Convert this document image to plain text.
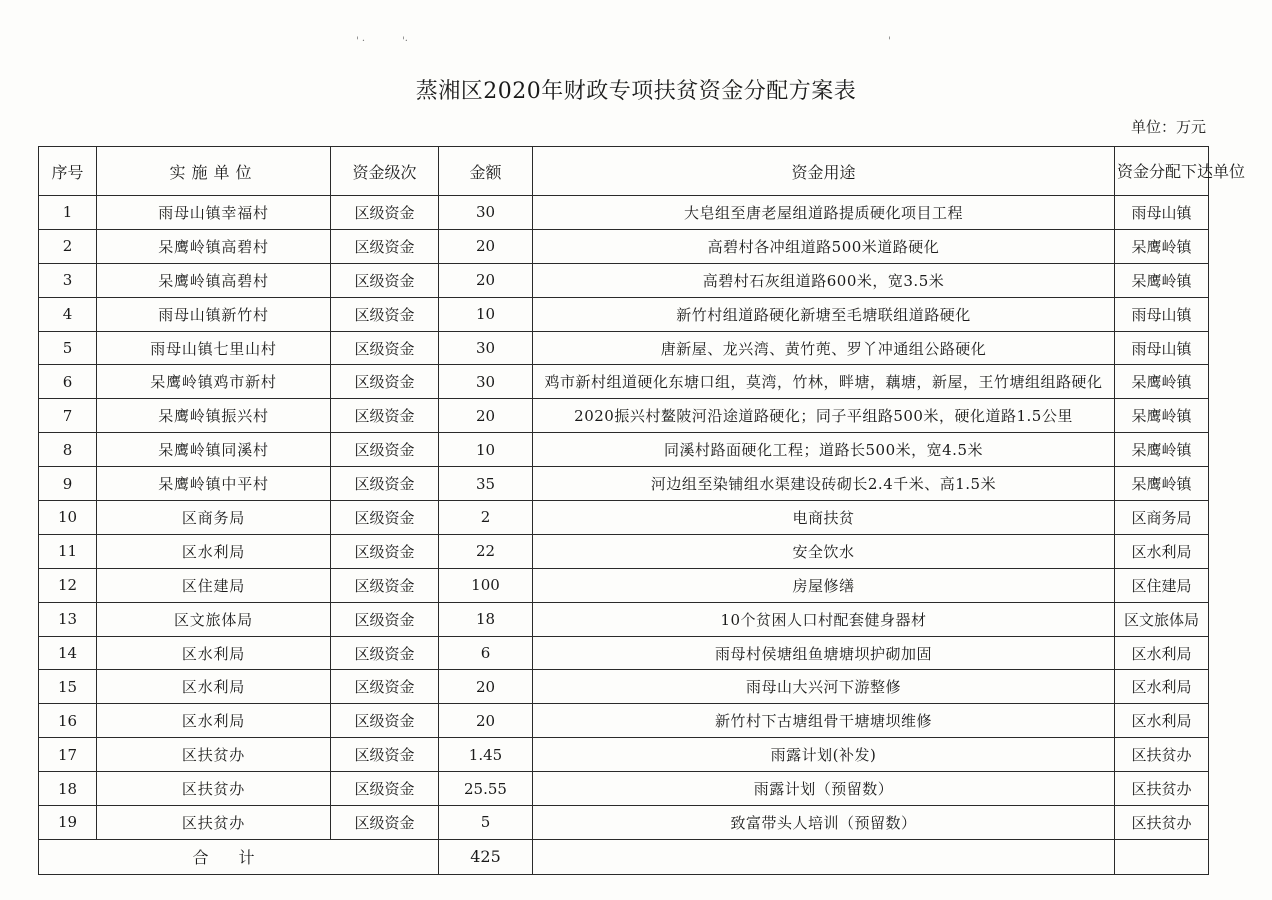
' ·	'·	'
蒸湘区2020年财政专项扶贫资金分配方案表
单位：万元
序号	实施单位	资金级次	金额	资金用途	资金分配下达单位
1	雨母山镇幸福村	区级资金	30	大皂组至唐老屋组道路提质硬化项目工程	雨母山镇
2	呆鹰岭镇高碧村	区级资金	20	高碧村各冲组道路500米道路硬化	呆鹰岭镇
3	呆鹰岭镇高碧村	区级资金	20	高碧村石灰组道路600米，宽3.5米	呆鹰岭镇
4	雨母山镇新竹村	区级资金	10	新竹村组道路硬化新塘至毛塘联组道路硬化	雨母山镇
5	雨母山镇七里山村	区级资金	30	唐新屋、龙兴湾、黄竹蔸、罗丫冲通组公路硬化	雨母山镇
6	呆鹰岭镇鸡市新村	区级资金	30	鸡市新村组道硬化东塘口组，莫湾，竹林，畔塘，藕塘，新屋，王竹塘组组路硬化	呆鹰岭镇
7	呆鹰岭镇振兴村	区级资金	20	2020振兴村鳌陂河沿途道路硬化；同子平组路500米，硬化道路1.5公里	呆鹰岭镇
8	呆鹰岭镇同溪村	区级资金	10	同溪村路面硬化工程；道路长500米，宽4.5米	呆鹰岭镇
9	呆鹰岭镇中平村	区级资金	35	河边组至染铺组水渠建设砖砌长2.4千米、高1.5米	呆鹰岭镇
10	区商务局	区级资金	2	电商扶贫	区商务局
11	区水利局	区级资金	22	安全饮水	区水利局
12	区住建局	区级资金	100	房屋修缮	区住建局
13	区文旅体局	区级资金	18	10个贫困人口村配套健身器材	区文旅体局
14	区水利局	区级资金	6	雨母村侯塘组鱼塘塘坝护砌加固	区水利局
15	区水利局	区级资金	20	雨母山大兴河下游整修	区水利局
16	区水利局	区级资金	20	新竹村下古塘组骨干塘塘坝维修	区水利局
17	区扶贫办	区级资金	1.45	雨露计划(补发)	区扶贫办
18	区扶贫办	区级资金	25.55	雨露计划（预留数）	区扶贫办
19	区扶贫办	区级资金	5	致富带头人培训（预留数）	区扶贫办
合计			425		
